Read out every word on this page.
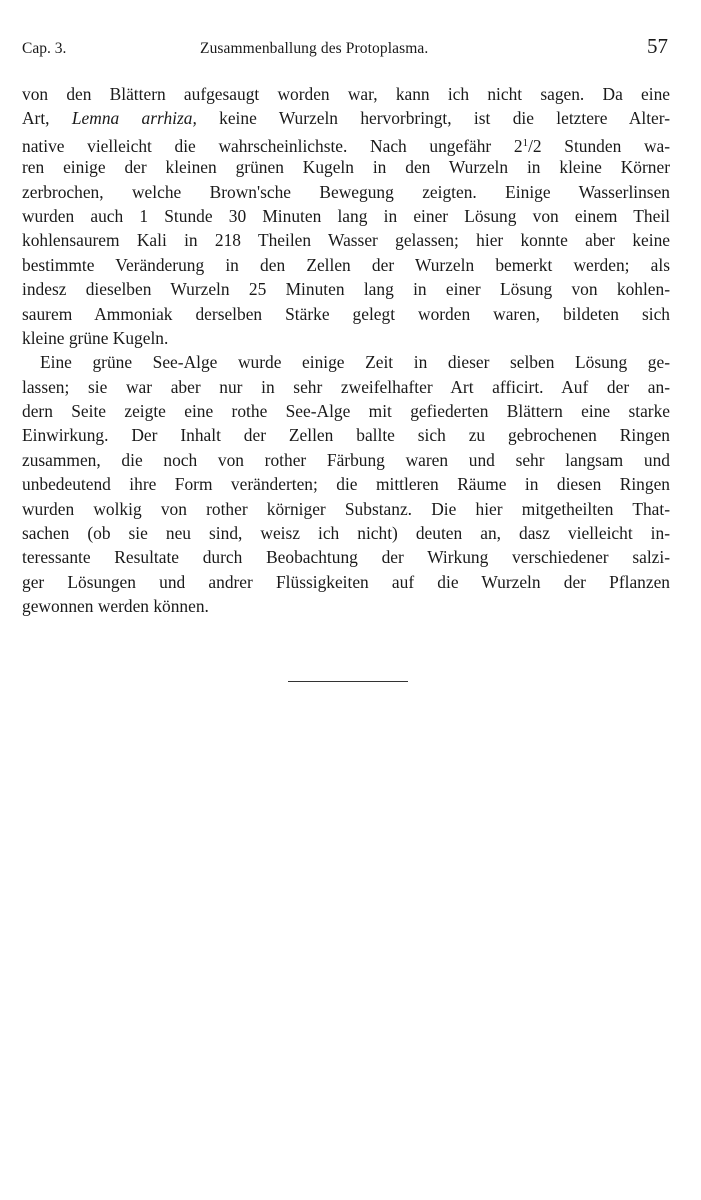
Cap. 3.	Zusammenballung des Protoplasma.	57
von den Blättern aufgesaugt worden war, kann ich nicht sagen. Da eine
Art, Lemna arrhiza, keine Wurzeln hervorbringt, ist die letztere Alter-
native vielleicht die wahrscheinlichste. Nach ungefähr $2^1/2$ Stunden wa-
ren einige der kleinen grünen Kugeln in den Wurzeln in kleine Körner
zerbrochen, welche Brown'sche Bewegung zeigten. Einige Wasserlinsen
wurden auch 1 Stunde 30 Minuten lang in einer Lösung von einem Theil
kohlensaurem Kali in 218 Theilen Wasser gelassen; hier konnte aber keine
bestimmte Veränderung in den Zellen der Wurzeln bemerkt werden; als
indesz dieselben Wurzeln 25 Minuten lang in einer Lösung von kohlen-
saurem Ammoniak derselben Stärke gelegt worden waren, bildeten sich
kleine grüne Kugeln.
Eine grüne See-Alge wurde einige Zeit in dieser selben Lösung ge-
lassen; sie war aber nur in sehr zweifelhafter Art afficirt. Auf der an-
dern Seite zeigte eine rothe See-Alge mit gefiederten Blättern eine starke
Einwirkung. Der Inhalt der Zellen ballte sich zu gebrochenen Ringen
zusammen, die noch von rother Färbung waren und sehr langsam und
unbedeutend ihre Form veränderten; die mittleren Räume in diesen Ringen
wurden wolkig von rother körniger Substanz. Die hier mitgetheilten That-
sachen (ob sie neu sind, weisz ich nicht) deuten an, dasz vielleicht in-
teressante Resultate durch Beobachtung der Wirkung verschiedener salzi-
ger Lösungen und andrer Flüssigkeiten auf die Wurzeln der Pflanzen
gewonnen werden können.
